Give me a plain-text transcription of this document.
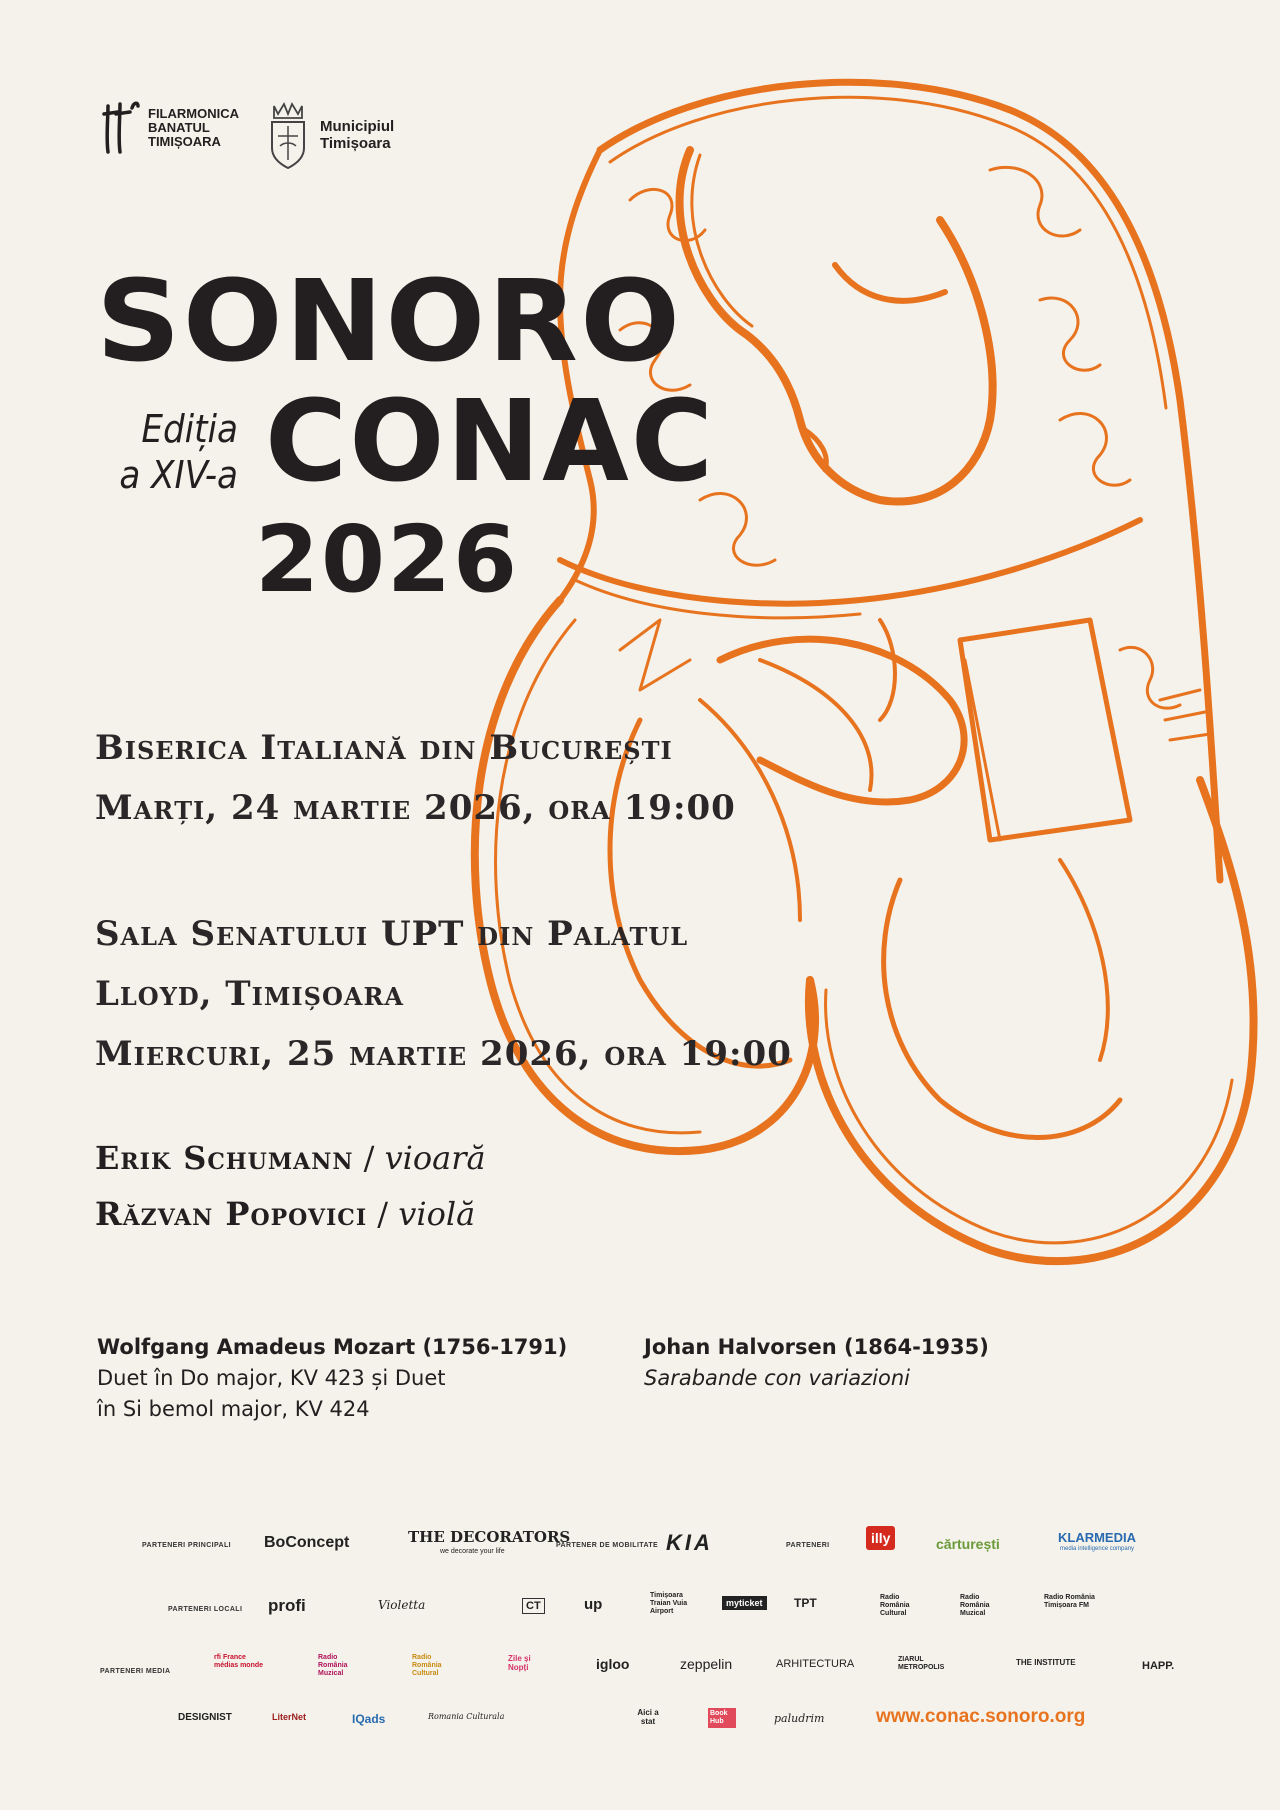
FILARMONICA
BANATUL
TIMIȘOARA
Municipiul
Timișoara
SONORO
Ediția
a XIV-a CONAC
2026
Biserica Italiană din București
Marți, 24 martie 2026, ora 19:00
Sala Senatului UPT din Palatul
Lloyd, Timișoara
Miercuri, 25 martie 2026, ora 19:00
Erik Schumann / vioară
Răzvan Popovici / violă
Wolfgang Amadeus Mozart (1756-1791)
Duet în Do major, KV 423 și Duet
în Si bemol major, KV 424
Johan Halvorsen (1864-1935)
Sarabande con variazioni
PARTENERI PRINCIPALI BoConcept	THE DECORATORS
we decorate your life
PARTENER DE MOBILITATE KIA	PARTENERI	illy	cărturești	KLARMEDIA
media intelligence company
PARTENERI LOCALI profi	Violetta	CT	up
Timișoara Traian Vuia Airport
myticket	TPT	Radio România Cultural
Radio România Muzical
Radio România Timișoara FM
PARTENERI MEDIA
rfi France médias monde
Radio România Muzical
Radio România Cultural
Zile și Nopți	igloo	zeppelin	ARHITECTURA	ZIARUL METROPOLIS
THE INSTITUTE	HAPP.
DESIGNIST	LiterNet	IQads	Romania Culturala	Aici a stat
Book Hub	paludrim	www.conac.sonoro.org
